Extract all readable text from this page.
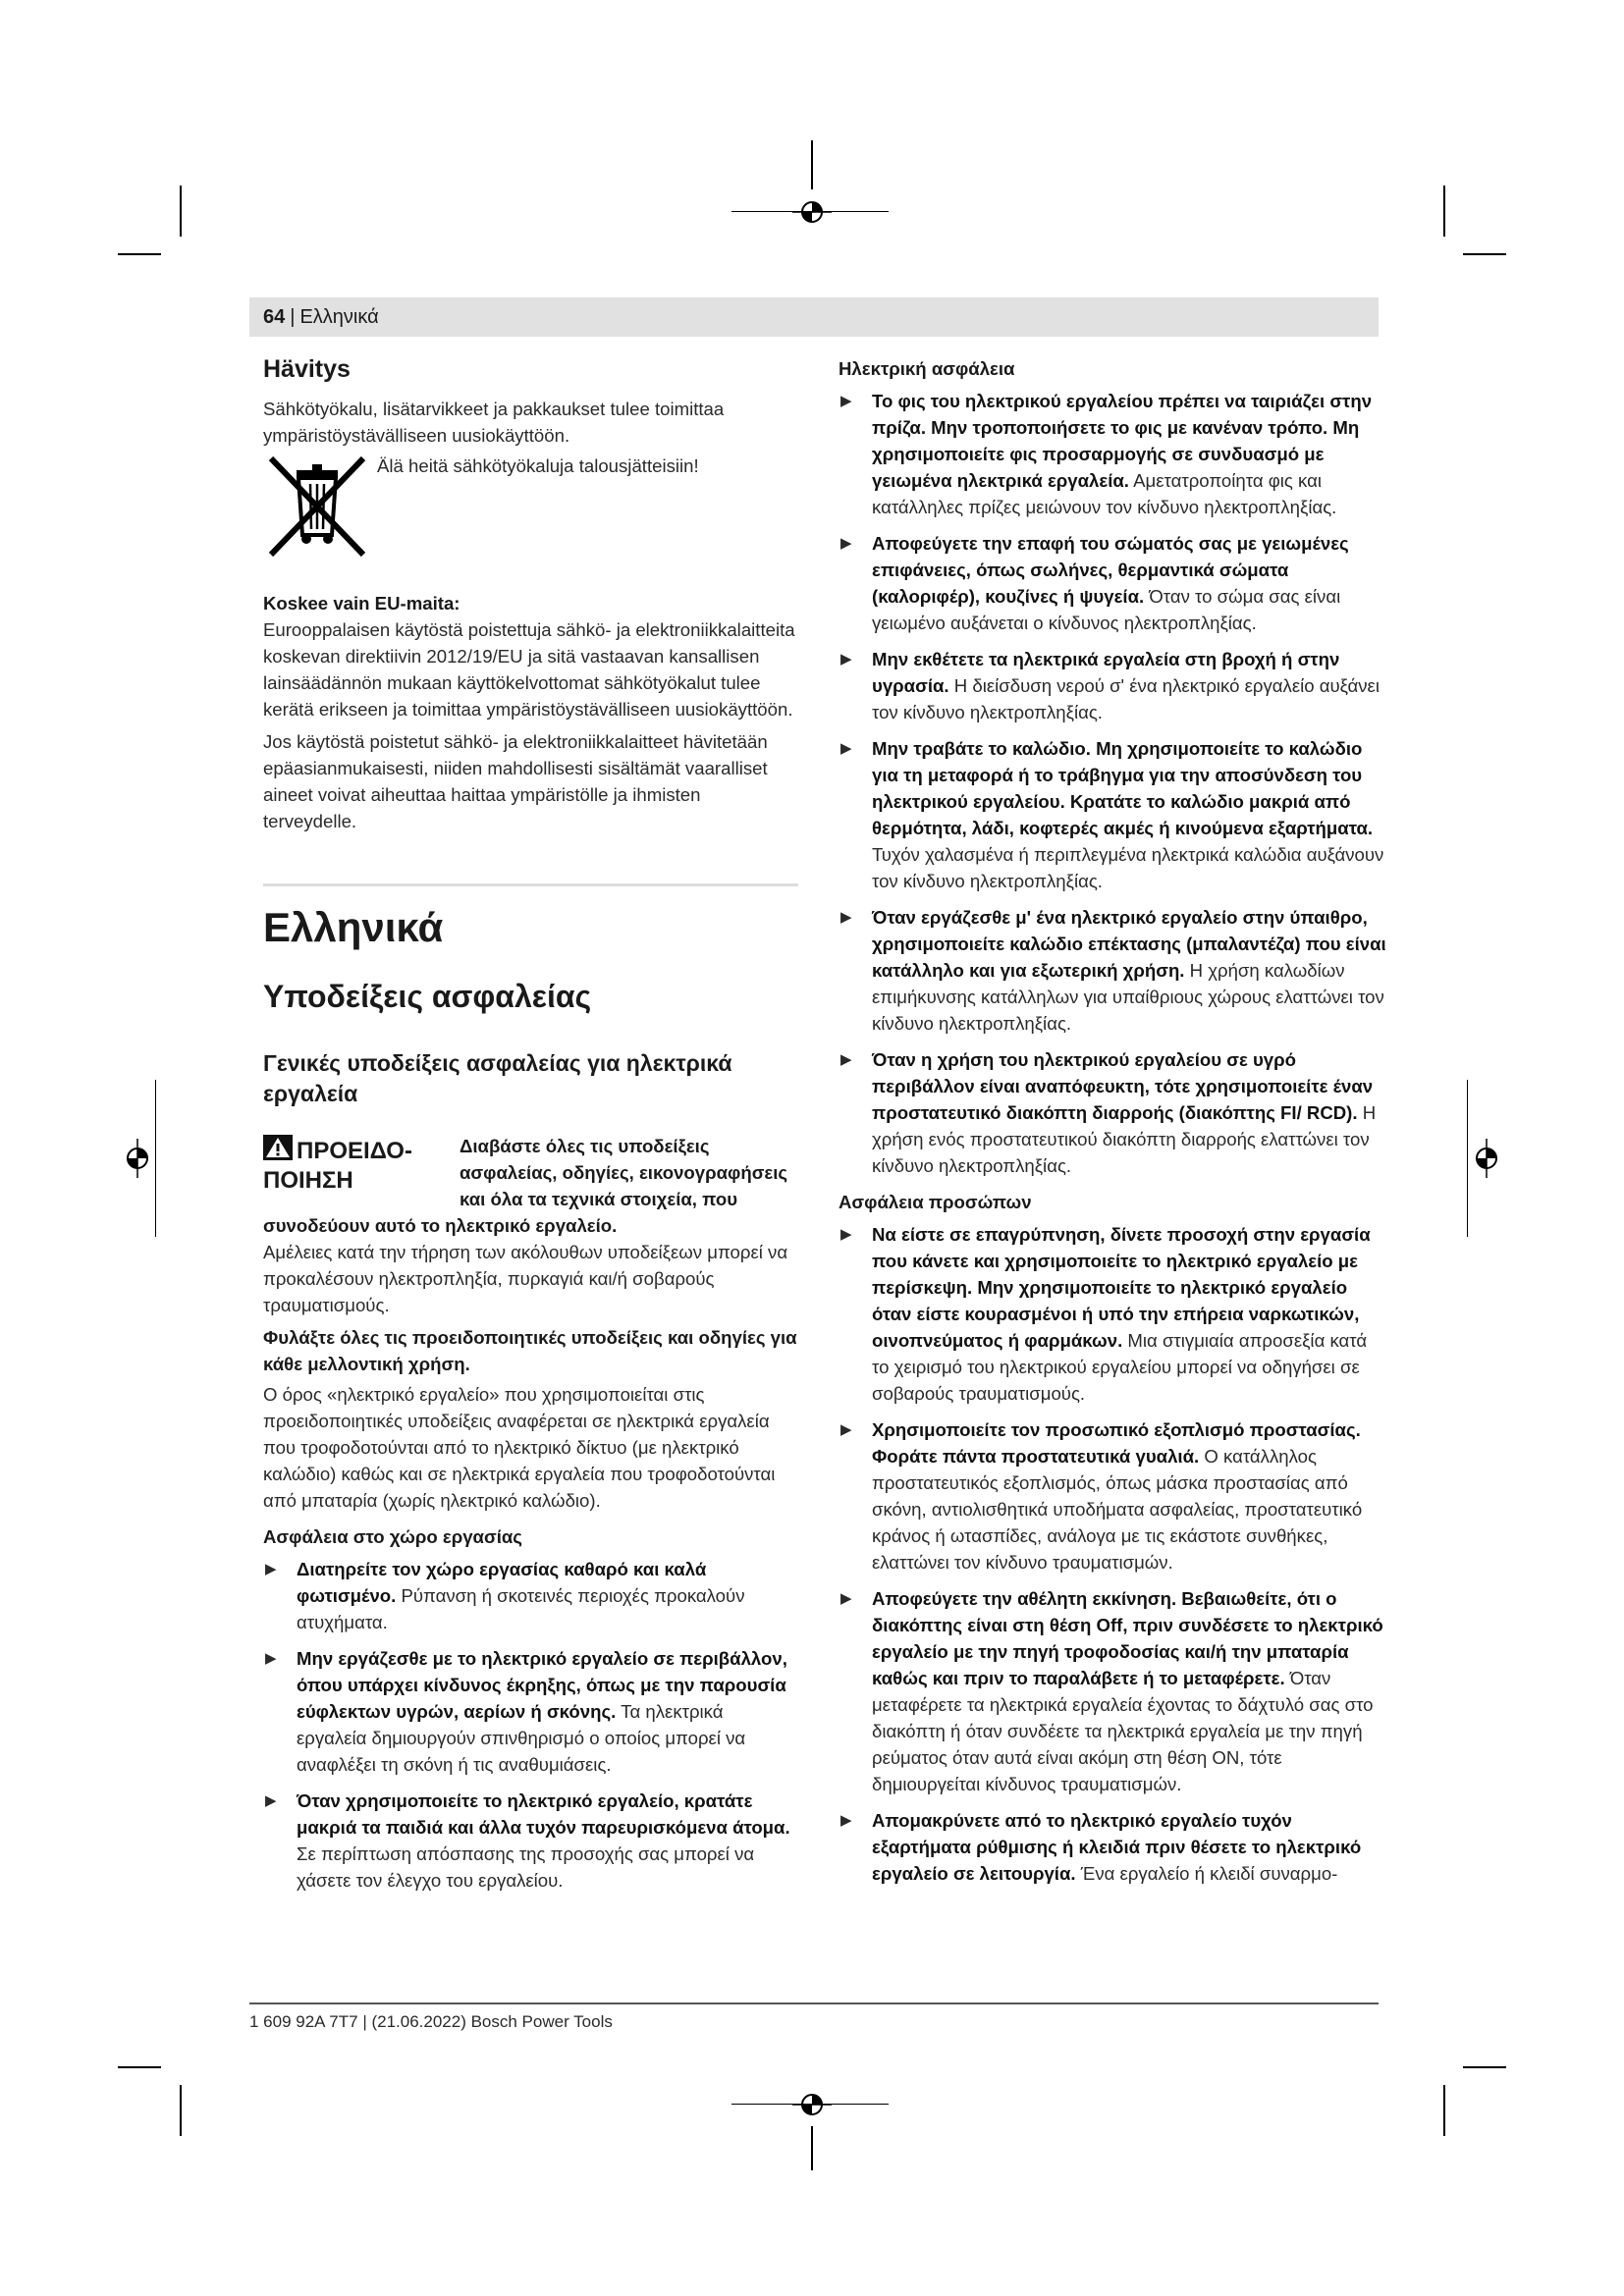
64 | Ελληνικά
Hävitys

Sähkötyökalu, lisätarvikkeet ja pakkaukset tulee toimittaa ympäristöystävälliseen uusiokäyttöön.

Älä heitä sähkötyökaluja talousjätteisiin!

Koskee vain EU-maita:

Eurooppalaisen käytöstä poistettuja sähkö- ja elektroniikkalaitteita koskevan direktiivin 2012/19/EU ja sitä vastaavan kansallisen lainsäädännön mukaan käyttökelvottomat sähkötyökalut tulee kerätä erikseen ja toimittaa ympäristöystävälliseen uusiokäyttöön.

Jos käytöstä poistetut sähkö- ja elektroniikkalaitteet hävitetään epäasianmukaisesti, niiden mahdollisesti sisältämät vaaralliset aineet voivat aiheuttaa haittaa ympäristölle ja ihmisten terveydelle.

Ελληνικά
Υποδείξεις ασφαλείας
Γενικές υποδείξεις ασφαλείας για ηλεκτρικά εργαλεία
ΠΡΟΕΙΔΟ-ΠΟΙΗΣΗ
Διαβάστε όλες τις υποδείξεις ασφαλείας, οδηγίες, εικονογραφήσεις και όλα τα τεχνικά στοιχεία, που συνοδεύουν αυτό το ηλεκτρικό εργαλείο.

Αμέλειες κατά την τήρηση των ακόλουθων υποδείξεων μπορεί να προκαλέσουν ηλεκτροπληξία, πυρκαγιά και/ή σοβαρούς τραυματισμούς.

Φυλάξτε όλες τις προειδοποιητικές υποδείξεις και οδηγίες για κάθε μελλοντική χρήση.

Ο όρος «ηλεκτρικό εργαλείο» που χρησιμοποιείται στις προειδοποιητικές υποδείξεις αναφέρεται σε ηλεκτρικά εργαλεία που τροφοδοτούνται από το ηλεκτρικό δίκτυο (με ηλεκτρικό καλώδιο) καθώς και σε ηλεκτρικά εργαλεία που τροφοδοτούνται από μπαταρία (χωρίς ηλεκτρικό καλώδιο).

Ασφάλεια στο χώρο εργασίας
▶	Διατηρείτε τον χώρο εργασίας καθαρό και καλά φωτισμένο. Ρύπανση ή σκοτεινές περιοχές προκαλούν ατυχήματα.
▶	Μην εργάζεσθε με το ηλεκτρικό εργαλείο σε περιβάλλον, όπου υπάρχει κίνδυνος έκρηξης, όπως με την παρουσία εύφλεκτων υγρών, αερίων ή σκόνης. Τα ηλεκτρικά εργαλεία δημιουργούν σπινθηρισμό ο οποίος μπορεί να αναφλέξει τη σκόνη ή τις αναθυμιάσεις.
▶	Όταν χρησιμοποιείτε το ηλεκτρικό εργαλείο, κρατάτε μακριά τα παιδιά και άλλα τυχόν παρευρισκόμενα άτομα. Σε περίπτωση απόσπασης της προσοχής σας μπορεί να χάσετε τον έλεγχο του εργαλείου.
Ηλεκτρική ασφάλεια
▶	Το φις του ηλεκτρικού εργαλείου πρέπει να ταιριάζει στην πρίζα. Μην τροποποιήσετε το φις με κανέναν τρόπο. Μη χρησιμοποιείτε φις προσαρμογής σε συνδυασμό με γειωμένα ηλεκτρικά εργαλεία. Αμετατροποίητα φις και κατάλληλες πρίζες μειώνουν τον κίνδυνο ηλεκτροπληξίας.
▶	Αποφεύγετε την επαφή του σώματός σας με γειωμένες επιφάνειες, όπως σωλήνες, θερμαντικά σώματα (καλοριφέρ), κουζίνες ή ψυγεία. Όταν το σώμα σας είναι γειωμένο αυξάνεται ο κίνδυνος ηλεκτροπληξίας.
▶	Μην εκθέτετε τα ηλεκτρικά εργαλεία στη βροχή ή στην υγρασία. Η διείσδυση νερού σ' ένα ηλεκτρικό εργαλείο αυξάνει τον κίνδυνο ηλεκτροπληξίας.
▶	Μην τραβάτε το καλώδιο. Μη χρησιμοποιείτε το καλώδιο για τη μεταφορά ή το τράβηγμα για την αποσύνδεση του ηλεκτρικού εργαλείου. Κρατάτε το καλώδιο μακριά από θερμότητα, λάδι, κοφτερές ακμές ή κινούμενα εξαρτήματα. Τυχόν χαλασμένα ή περιπλεγμένα ηλεκτρικά καλώδια αυξάνουν τον κίνδυνο ηλεκτροπληξίας.
▶	Όταν εργάζεσθε μ' ένα ηλεκτρικό εργαλείο στην ύπαιθρο, χρησιμοποιείτε καλώδιο επέκτασης (μπαλαντέζα) που είναι κατάλληλο και για εξωτερική χρήση. Η χρήση καλωδίων επιμήκυνσης κατάλληλων για υπαίθριους χώρους ελαττώνει τον κίνδυνο ηλεκτροπληξίας.
▶	Όταν η χρήση του ηλεκτρικού εργαλείου σε υγρό περιβάλλον είναι αναπόφευκτη, τότε χρησιμοποιείτε έναν προστατευτικό διακόπτη διαρροής (διακόπτης FI/ RCD). Η χρήση ενός προστατευτικού διακόπτη διαρροής ελαττώνει τον κίνδυνο ηλεκτροπληξίας.
Ασφάλεια προσώπων
▶	Να είστε σε επαγρύπνηση, δίνετε προσοχή στην εργασία που κάνετε και χρησιμοποιείτε το ηλεκτρικό εργαλείο με περίσκεψη. Μην χρησιμοποιείτε το ηλεκτρικό εργαλείο όταν είστε κουρασμένοι ή υπό την επήρεια ναρκωτικών, οινοπνεύματος ή φαρμάκων. Μια στιγμιαία απροσεξία κατά το χειρισμό του ηλεκτρικού εργαλείου μπορεί να οδηγήσει σε σοβαρούς τραυματισμούς.
▶	Χρησιμοποιείτε τον προσωπικό εξοπλισμό προστασίας. Φοράτε πάντα προστατευτικά γυαλιά. Ο κατάλληλος προστατευτικός εξοπλισμός, όπως μάσκα προστασίας από σκόνη, αντιολισθητικά υποδήματα ασφαλείας, προστατευτικό κράνος ή ωτασπίδες, ανάλογα με τις εκάστοτε συνθήκες, ελαττώνει τον κίνδυνο τραυματισμών.
▶	Αποφεύγετε την αθέλητη εκκίνηση. Βεβαιωθείτε, ότι ο διακόπτης είναι στη θέση Off, πριν συνδέσετε το ηλεκτρικό εργαλείο με την πηγή τροφοδοσίας και/ή την μπαταρία καθώς και πριν το παραλάβετε ή το μεταφέρετε. Όταν μεταφέρετε τα ηλεκτρικά εργαλεία έχοντας το δάχτυλό σας στο διακόπτη ή όταν συνδέετε τα ηλεκτρικά εργαλεία με την πηγή ρεύματος όταν αυτά είναι ακόμη στη θέση ON, τότε δημιουργείται κίνδυνος τραυματισμών.
▶	Απομακρύνετε από το ηλεκτρικό εργαλείο τυχόν εξαρτήματα ρύθμισης ή κλειδιά πριν θέσετε το ηλεκτρικό εργαλείο σε λειτουργία. Ένα εργαλείο ή κλειδί συναρμο-
1 609 92A 7T7 | (21.06.2022) Bosch Power Tools
